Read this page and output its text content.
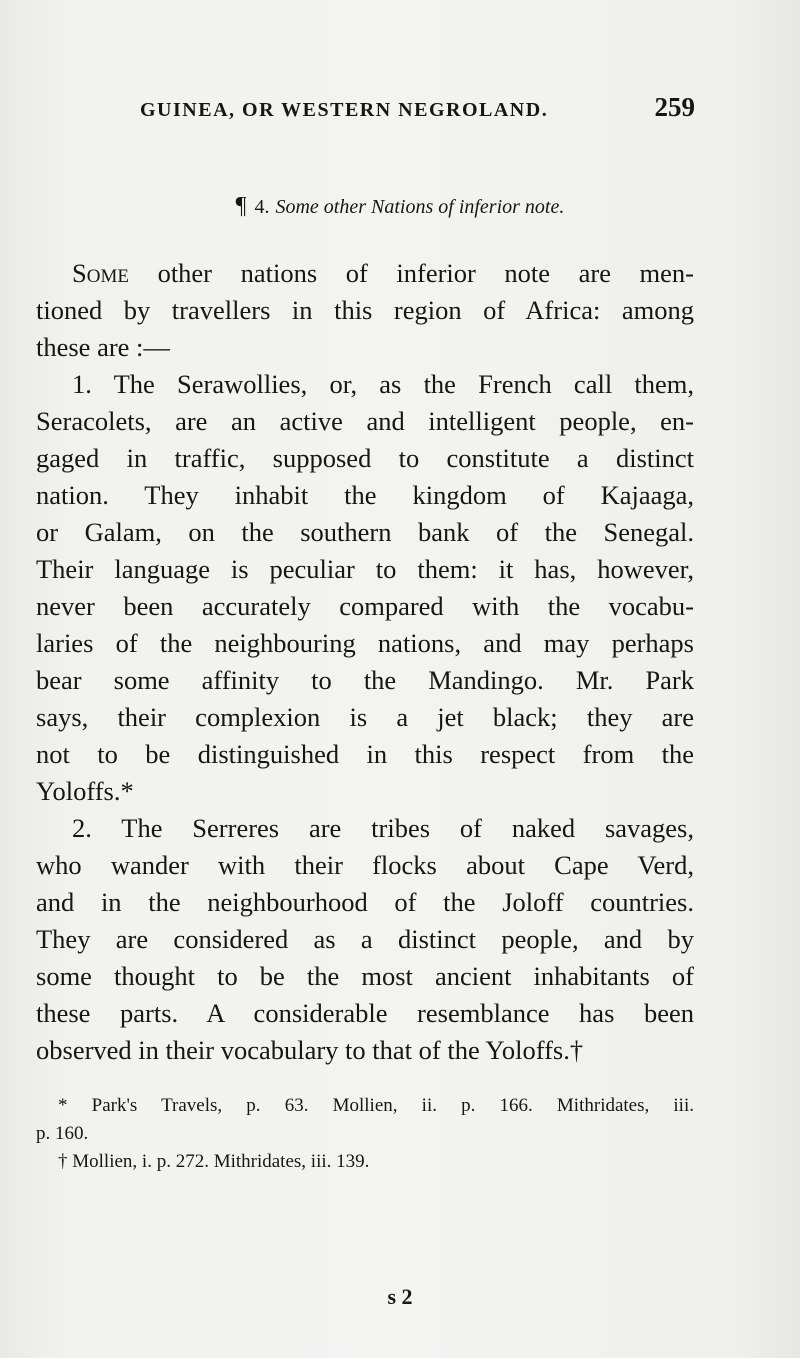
GUINEA, OR WESTERN NEGROLAND.	259
¶ 4. Some other Nations of inferior note.
Some other nations of inferior note are men-
tioned by travellers in this region of Africa: among
these are :—
1. The Serawollies, or, as the French call them,
Seracolets, are an active and intelligent people, en-
gaged in traffic, supposed to constitute a distinct
nation. They inhabit the kingdom of Kajaaga,
or Galam, on the southern bank of the Senegal.
Their language is peculiar to them: it has, however,
never been accurately compared with the vocabu-
laries of the neighbouring nations, and may perhaps
bear some affinity to the Mandingo. Mr. Park
says, their complexion is a jet black; they are
not to be distinguished in this respect from the
Yoloffs.*
2. The Serreres are tribes of naked savages,
who wander with their flocks about Cape Verd,
and in the neighbourhood of the Joloff countries.
They are considered as a distinct people, and by
some thought to be the most ancient inhabitants of
these parts. A considerable resemblance has been
observed in their vocabulary to that of the Yoloffs.†
* Park's Travels, p. 63. Mollien, ii. p. 166. Mithridates, iii.
p. 160.
† Mollien, i. p. 272. Mithridates, iii. 139.
s 2
